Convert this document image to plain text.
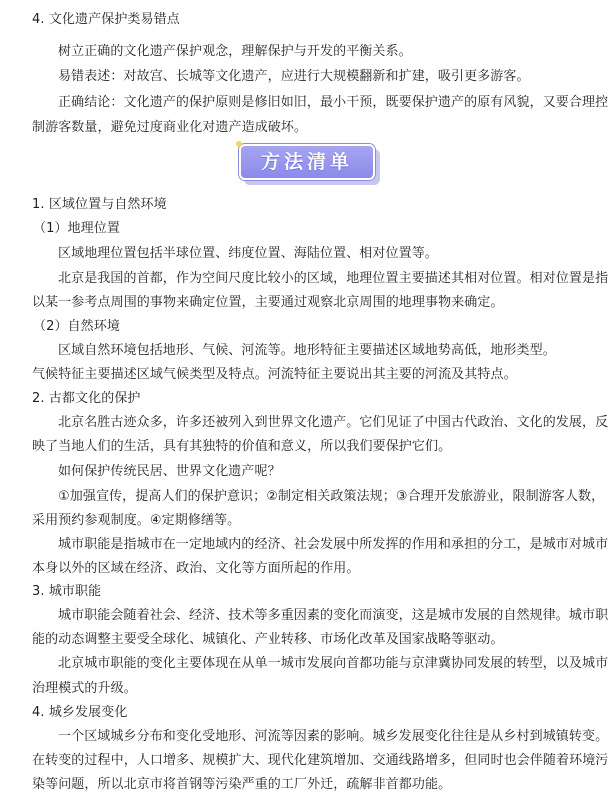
4. 文化遗产保护类易错点
树立正确的文化遗产保护观念，理解保护与开发的平衡关系。
易错表述：对故宫、长城等文化遗产，应进行大规模翻新和扩建，吸引更多游客。
正确结论：文化遗产的保护原则是修旧如旧，最小干预，既要保护遗产的原有风貌，又要合理控
制游客数量，避免过度商业化对遗产造成破坏。
方法清单
1. 区域位置与自然环境
（1）地理位置
区域地理位置包括半球位置、纬度位置、海陆位置、相对位置等。
北京是我国的首都，作为空间尺度比较小的区域，地理位置主要描述其相对位置。相对位置是指
以某一参考点周围的事物来确定位置，主要通过观察北京周围的地理事物来确定。
（2）自然环境
区域自然环境包括地形、气候、河流等。地形特征主要描述区域地势高低，地形类型。
气候特征主要描述区域气候类型及特点。河流特征主要说出其主要的河流及其特点。
2. 古都文化的保护
北京名胜古迹众多，许多还被列入到世界文化遗产。它们见证了中国古代政治、文化的发展，反
映了当地人们的生活，具有其独特的价值和意义，所以我们要保护它们。
如何保护传统民居、世界文化遗产呢？
①加强宣传，提高人们的保护意识；②制定相关政策法规；③合理开发旅游业，限制游客人数，
采用预约参观制度。④定期修缮等。
城市职能是指城市在一定地域内的经济、社会发展中所发挥的作用和承担的分工，是城市对城市
本身以外的区域在经济、政治、文化等方面所起的作用。
3. 城市职能
城市职能会随着社会、经济、技术等多重因素的变化而演变，这是城市发展的自然规律。城市职
能的动态调整主要受全球化、城镇化、产业转移、市场化改革及国家战略等驱动。
北京城市职能的变化主要体现在从单一城市发展向首都功能与京津冀协同发展的转型，以及城市
治理模式的升级。
4. 城乡发展变化
一个区域城乡分布和变化受地形、河流等因素的影响。城乡发展变化往往是从乡村到城镇转变。
在转变的过程中，人口增多、规模扩大、现代化建筑增加、交通线路增多，但同时也会伴随着环境污
染等问题，所以北京市将首钢等污染严重的工厂外迁，疏解非首都功能。
